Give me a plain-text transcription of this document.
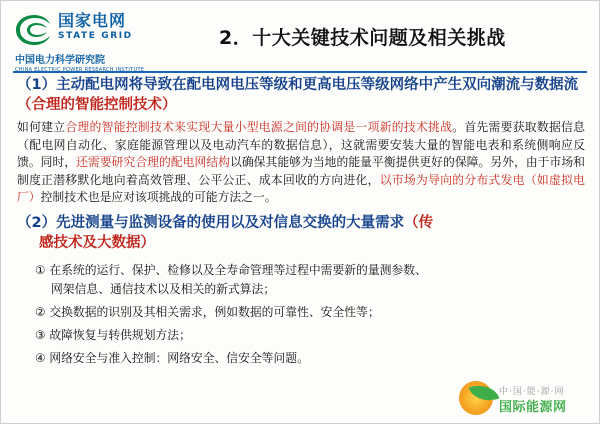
国家电网
STATE GRID
中国电力科学研究院
CHINA ELECTRIC POWER RESEARCH INSTITUTE
2．十大关键技术问题及相关挑战
（1）主动配电网将导致在配电网电压等级和更高电压等级网络中产生双向潮流与数据流（合理的智能控制技术）
如何建立合理的智能控制技术来实现大量小型电源之间的协调是一项新的技术挑战。首先需要获取数据信息（配电网自动化、家庭能源管理以及电动汽车的数据信息），这就需要安装大量的智能电表和系统侧响应反馈。同时，还需要研究合理的配电网结构以确保其能够为当地的能量平衡提供更好的保障。另外，由于市场和制度正潜移默化地向着高效管理、公平公正、成本回收的方向进化，以市场为导向的分布式发电（如虚拟电厂）控制技术也是应对该项挑战的可能方法之一。
（2）先进测量与监测设备的使用以及对信息交换的大量需求（传
感技术及大数据）
① 在系统的运行、保护、检修以及全寿命管理等过程中需要新的量测参数、
网架信息、通信技术以及相关的新式算法；
② 交换数据的识别及其相关需求，例如数据的可靠性、安全性等；
③ 故障恢复与转供规划方法；
④ 网络安全与准入控制：网络安全、信安全等问题。
中·国·能·源·网
国际能源网
